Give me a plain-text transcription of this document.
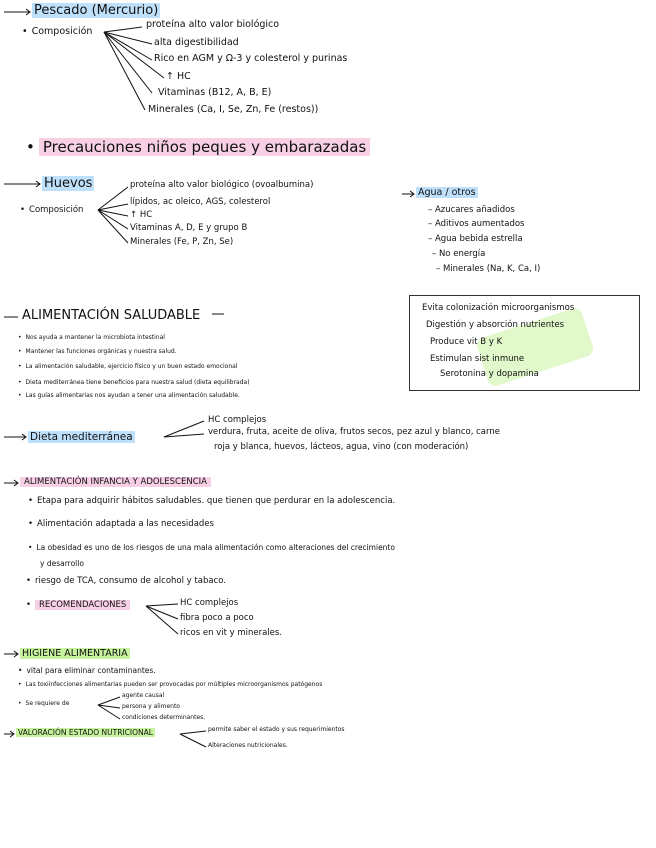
Pescado (Mercurio)
• Composición
proteína alto valor biológico
alta digestibilidad
Rico en AGM y Ω-3 y colesterol y purinas
↑ HC
Vitaminas (B12, A, B, E)
Minerales (Ca, I, Se, Zn, Fe (restos))
• Precauciones niños peques y embarazadas
Huevos
• Composición
proteína alto valor biológico (ovoalbumina)
lípidos, ac oleico, AGS, colesterol
↑ HC
Vitaminas A, D, E y grupo B
Minerales (Fe, P, Zn, Se)
Agua / otros
– Azucares añadidos
– Aditivos aumentados
– Agua bebida estrella
– No energía
– Minerales (Na, K, Ca, I)
ALIMENTACIÓN SALUDABLE
• Nos ayuda a mantener la microbiota intestinal
• Mantener las funciones orgánicas y nuestra salud.
• La alimentación saludable, ejercicio físico y un buen estado emocional
• Dieta mediterránea tiene beneficios para nuestra salud (dieta equilibrada)
• Las guías alimentarias nos ayudan a tener una alimentación saludable.
Evita colonización microorganismos
Digestión y absorción nutrientes
Produce vit B y K
Estimulan sist inmune
Serotonina y dopamina
Dieta mediterránea
HC complejos
verdura, fruta, aceite de oliva, frutos secos, pez azul y blanco, carne
roja y blanca, huevos, lácteos, agua, vino (con moderación)
ALIMENTACIÓN INFANCIA Y ADOLESCENCIA
• Etapa para adquirir hábitos saludables. que tienen que perdurar en la adolescencia.
• Alimentación adaptada a las necesidades
• La obesidad es uno de los riesgos de una mala alimentación como alteraciones del crecimiento
y desarrollo
• riesgo de TCA, consumo de alcohol y tabaco.
• RECOMENDACIONES	HC complejos
fibra poco a poco
ricos en vit y minerales.
HIGIENE ALIMENTARIA
• vital para eliminar contaminantes.
• Las toxiinfecciones alimentarias pueden ser provocadas por múltiples microorganismos patógenos
• Se requiere de
agente causal
persona y alimento
condiciones determinantes.
VALORACIÓN ESTADO NUTRICIONAL	permite saber el estado y sus requerimientos
Alteraciones nutricionales.
